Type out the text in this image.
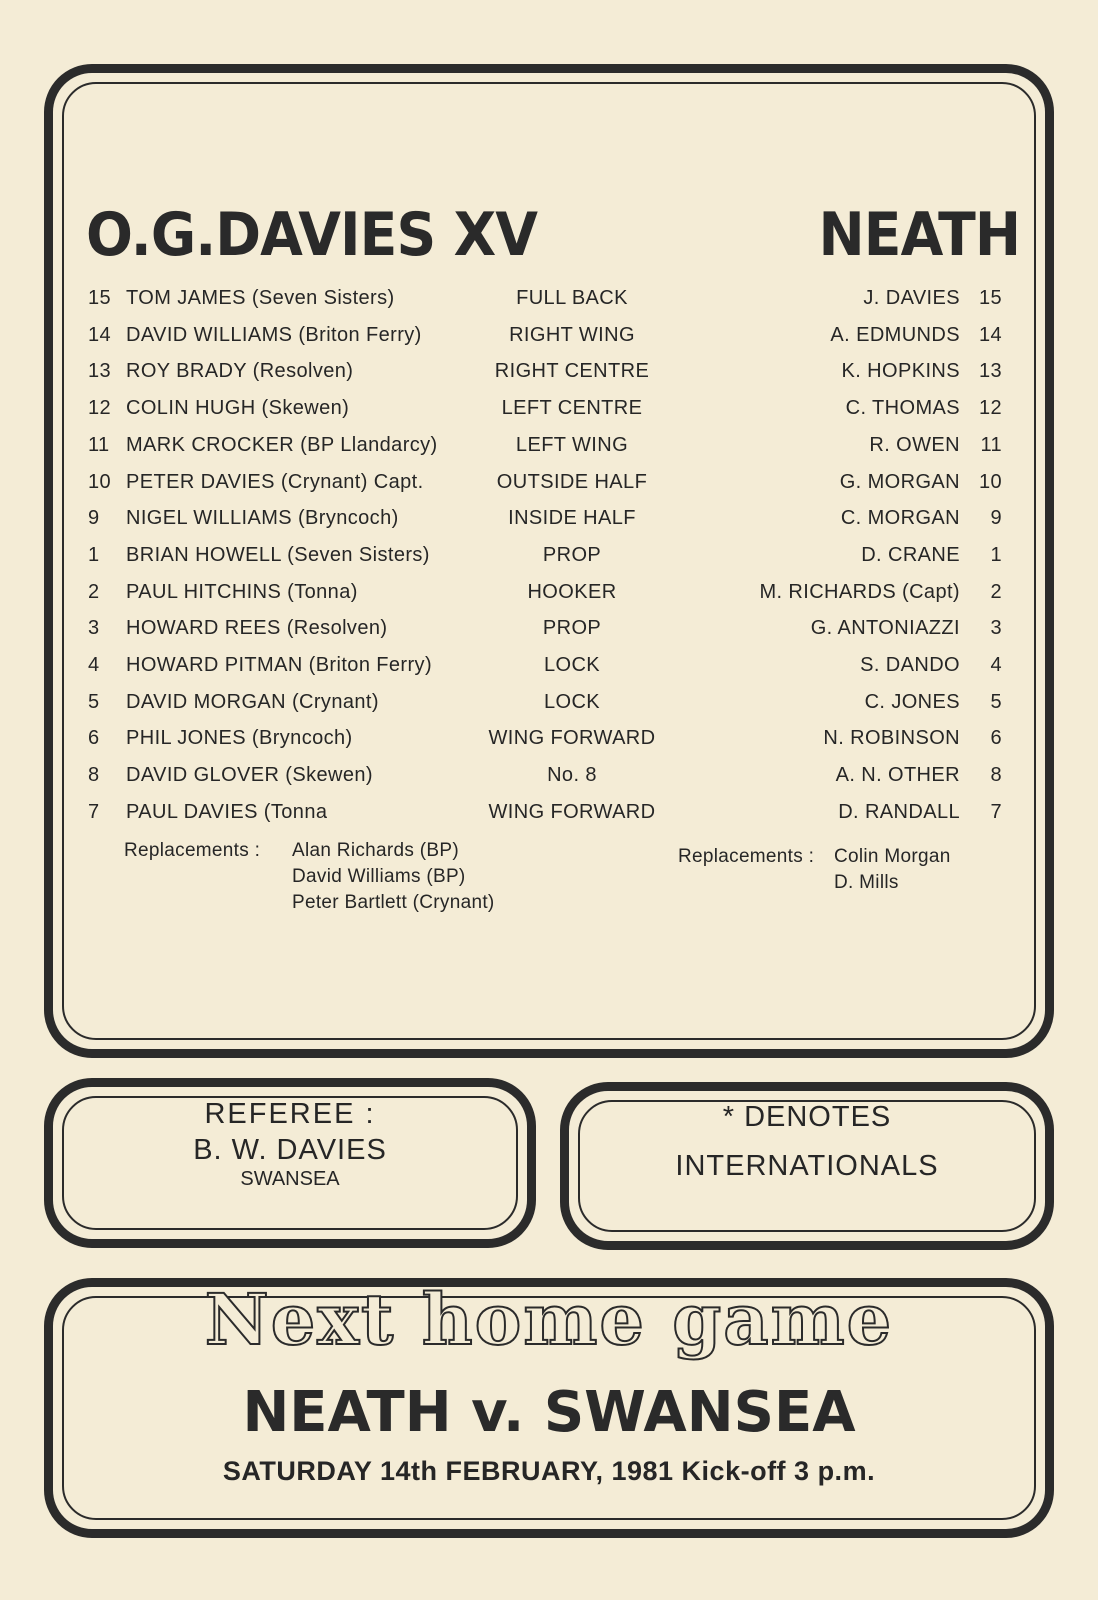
O.G.DAVIES XV	NEATH
15 TOM JAMES (Seven Sisters)	FULL BACK	J. DAVIES 15
14 DAVID WILLIAMS (Briton Ferry)	RIGHT WING	A. EDMUNDS 14
13 ROY BRADY (Resolven)	RIGHT CENTRE	K. HOPKINS 13
12 COLIN HUGH (Skewen)	LEFT CENTRE	C. THOMAS 12
11 MARK CROCKER (BP Llandarcy)	LEFT WING	R. OWEN 11
10 PETER DAVIES (Crynant) Capt.	OUTSIDE HALF	G. MORGAN 10
9	NIGEL WILLIAMS (Bryncoch)	INSIDE HALF	C. MORGAN 9
1	BRIAN HOWELL (Seven Sisters)	PROP	D. CRANE 1
2	PAUL HITCHINS (Tonna)	HOOKER	M. RICHARDS (Capt) 2
3	HOWARD REES (Resolven)	PROP	G. ANTONIAZZI 3
4	HOWARD PITMAN (Briton Ferry)	LOCK	S. DANDO 4
5	DAVID MORGAN (Crynant)	LOCK	C. JONES 5
6	PHIL JONES (Bryncoch)	WING FORWARD	N. ROBINSON 6
8	DAVID GLOVER (Skewen)	No. 8	A. N. OTHER 8
7	PAUL DAVIES (Tonna	WING FORWARD	D. RANDALL 7
Replacements : Alan Richards (BP)
David Williams (BP)
Peter Bartlett (Crynant)
Replacements : Colin Morgan
D. Mills
REFEREE :
B. W. DAVIES
SWANSEA
* DENOTES
INTERNATIONALS
Next home game
NEATH v. SWANSEA
SATURDAY 14th FEBRUARY, 1981 Kick-off 3 p.m.
